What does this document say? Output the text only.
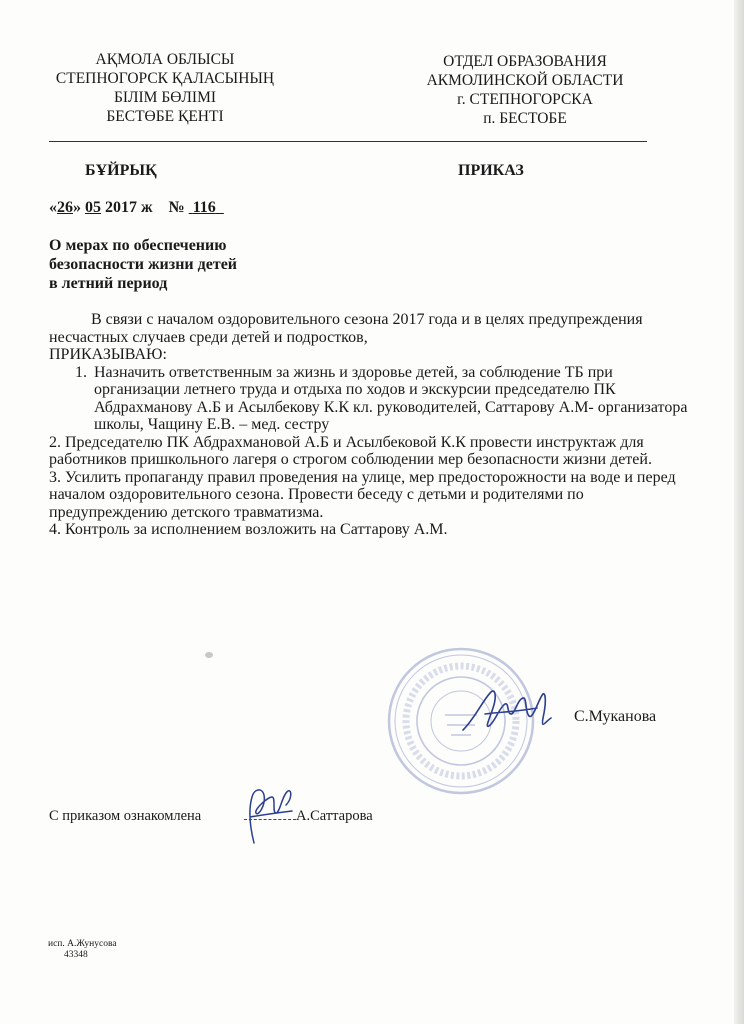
АҚМОЛА ОБЛЫСЫ
СТЕПНОГОРСК ҚАЛАСЫНЫҢ
БІЛІМ БӨЛІМІ
БЕСТӨБЕ ҚЕНТІ
ОТДЕЛ ОБРАЗОВАНИЯ
АКМОЛИНСКОЙ ОБЛАСТИ
г. СТЕПНОГОРСКА
п. БЕСТОБЕ
БҰЙРЫҚ	ПРИКАЗ
«26» 05 2017 ж № 116
О мерах по обеспечению
безопасности жизни детей
в летний период

В связи с началом оздоровительного сезона 2017 года и в целях предупреждения несчастных случаев среди детей и подростков,

ПРИКАЗЫВАЮ:

1. Назначить ответственным за жизнь и здоровье детей, за соблюдение ТБ при организации летнего труда и отдыха по ходов и экскурсии председателю ПК Абдрахманову А.Б и Асылбекову К.К кл. руководителей, Саттарову А.М- организатора школы, Чащину Е.В. – мед. сестру

2. Председателю ПК Абдрахмановой А.Б и Асылбековой К.К провести инструктаж для работников пришкольного лагеря о строгом соблюдении мер безопасности жизни детей.

3. Усилить пропаганду правил проведения на улице, мер предосторожности на воде и перед началом оздоровительного сезона. Провести беседу с детьми и родителями по предупреждению детского травматизма.

4. Контроль за исполнением возложить на Саттарову А.М.

С.Муканова
С приказом ознакомлена	А.Саттарова
исп. А.Жунусова
43348
